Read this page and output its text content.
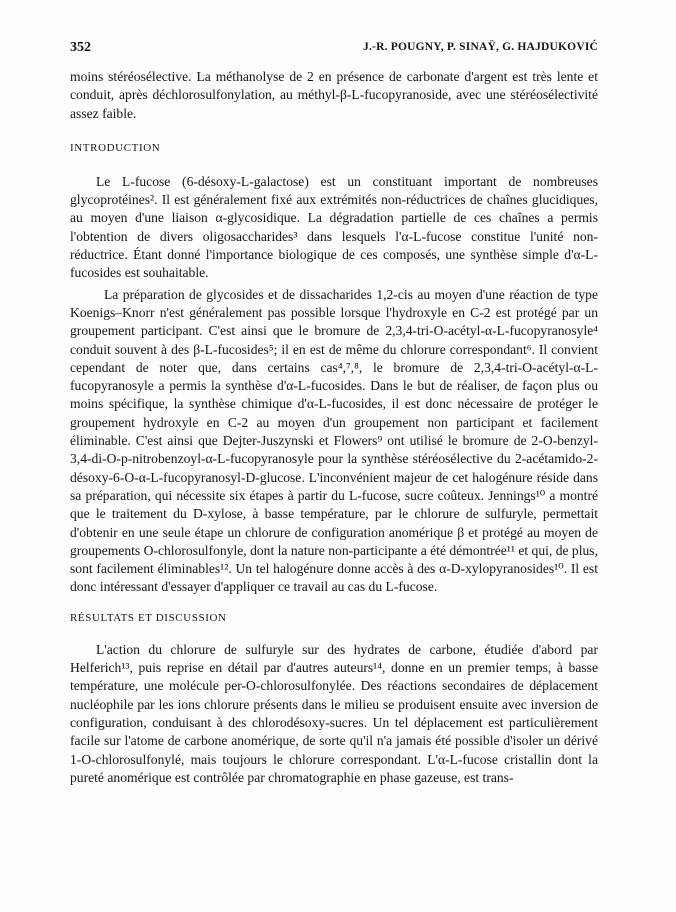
352	J.-R. POUGNY, P. SINAŸ, G. HAJDUKOVIĆ

moins stéréosélective. La méthanolyse de 2 en présence de carbonate d'argent est très lente et conduit, après déchlorosulfonylation, au méthyl-β-L-fucopyranoside, avec une stéréosélectivité assez faible.

INTRODUCTION

Le L-fucose (6-désoxy-L-galactose) est un constituant important de nombreuses glycoprotéines². Il est généralement fixé aux extrémités non-réductrices de chaînes glucidiques, au moyen d'une liaison α-glycosidique. La dégradation partielle de ces chaînes a permis l'obtention de divers oligosaccharides³ dans lesquels l'α-L-fucose constitue l'unité non-réductrice. Étant donné l'importance biologique de ces composés, une synthèse simple d'α-L-fucosides est souhaitable.

La préparation de glycosides et de dissacharides 1,2-cis au moyen d'une réaction de type Koenigs–Knorr n'est généralement pas possible lorsque l'hydroxyle en C-2 est protégé par un groupement participant. C'est ainsi que le bromure de 2,3,4-tri-O-acétyl-α-L-fucopyranosyle⁴ conduit souvent à des β-L-fucosides⁵; il en est de même du chlorure correspondant⁶. Il convient cependant de noter que, dans certains cas⁴,⁷,⁸, le bromure de 2,3,4-tri-O-acétyl-α-L-fucopyranosyle a permis la synthèse d'α-L-fucosides. Dans le but de réaliser, de façon plus ou moins spécifique, la synthèse chimique d'α-L-fucosides, il est donc nécessaire de protéger le groupement hydroxyle en C-2 au moyen d'un groupement non participant et facilement éliminable. C'est ainsi que Dejter-Juszynski et Flowers⁹ ont utilisé le bromure de 2-O-benzyl-3,4-di-O-p-nitrobenzoyl-α-L-fucopyranosyle pour la synthèse stéréosélective du 2-acétamido-2-désoxy-6-O-α-L-fucopyranosyl-D-glucose. L'inconvénient majeur de cet halogénure réside dans sa préparation, qui nécessite six étapes à partir du L-fucose, sucre coûteux. Jennings¹⁰ a montré que le traitement du D-xylose, à basse température, par le chlorure de sulfuryle, permettait d'obtenir en une seule étape un chlorure de configuration anomérique β et protégé au moyen de groupements O-chlorosulfonyle, dont la nature non-participante a été démontrée¹¹ et qui, de plus, sont facilement éliminables¹². Un tel halogénure donne accès à des α-D-xylopyranosides¹⁰. Il est donc intéressant d'essayer d'appliquer ce travail au cas du L-fucose.

RÉSULTATS ET DISCUSSION

L'action du chlorure de sulfuryle sur des hydrates de carbone, étudiée d'abord par Helferich¹³, puis reprise en détail par d'autres auteurs¹⁴, donne en un premier temps, à basse température, une molécule per-O-chlorosulfonylée. Des réactions secondaires de déplacement nucléophile par les ions chlorure présents dans le milieu se produisent ensuite avec inversion de configuration, conduisant à des chlorodésoxy-sucres. Un tel déplacement est particulièrement facile sur l'atome de carbone anomérique, de sorte qu'il n'a jamais été possible d'isoler un dérivé 1-O-chlorosulfonylé, mais toujours le chlorure correspondant. L'α-L-fucose cristallin dont la pureté anomérique est contrôlée par chromatographie en phase gazeuse, est trans-
